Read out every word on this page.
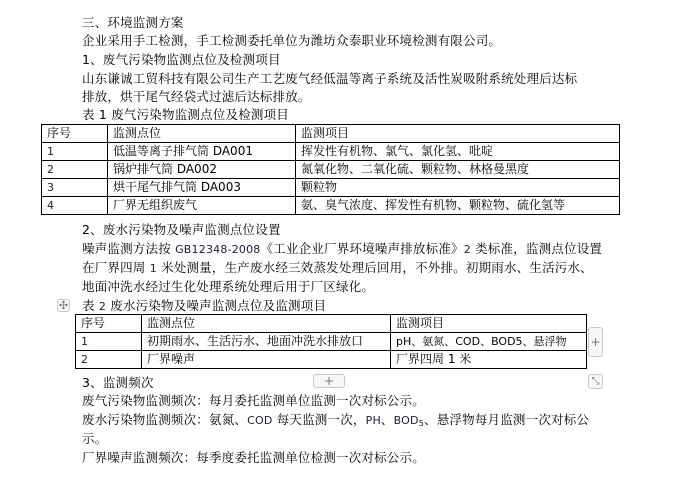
三、环境监测方案
企业采用手工检测，手工检测委托单位为潍坊众泰职业环境检测有限公司。
1、废气污染物监测点位及检测项目
山东谦诚工贸科技有限公司生产工艺废气经低温等离子系统及活性炭吸附系统处理后达标
排放，烘干尾气经袋式过滤后达标排放。
表 1 废气污染物监测点位及检测项目
序号	监测点位	监测项目
1	低温等离子排气筒 DA001	挥发性有机物、氯气、氯化氢、吡啶
2	锅炉排气筒 DA002	氮氧化物、二氧化硫、颗粒物、林格曼黑度
3	烘干尾气排气筒 DA003	颗粒物
4	厂界无组织废气	氨、臭气浓度、挥发性有机物、颗粒物、硫化氢等
2、废水污染物及噪声监测点位设置
噪声监测方法按 GB12348-2008《工业企业厂界环境噪声排放标准》2 类标准，监测点位设置
在厂界四周 1 米处测量，生产废水经三效蒸发处理后回用，不外排。初期雨水、生活污水、
地面冲洗水经过生化处理系统处理后用于厂区绿化。
✣ 表 2 废水污染物及噪声监测点位及监测项目
序号	监测点位	监测项目
1	初期雨水、生活污水、地面冲洗水排放口	pH、氨氮、COD、BOD5、悬浮物
2	厂界噪声	厂界四周 1 米
+
+	⤡
3、监测频次
废气污染物监测频次：每月委托监测单位监测一次对标公示。
废水污染物监测频次：氨氮、COD 每天监测一次，PH、$BOD_5$、悬浮物每月监测一次对标公
示。
厂界噪声监测频次：每季度委托监测单位检测一次对标公示。
